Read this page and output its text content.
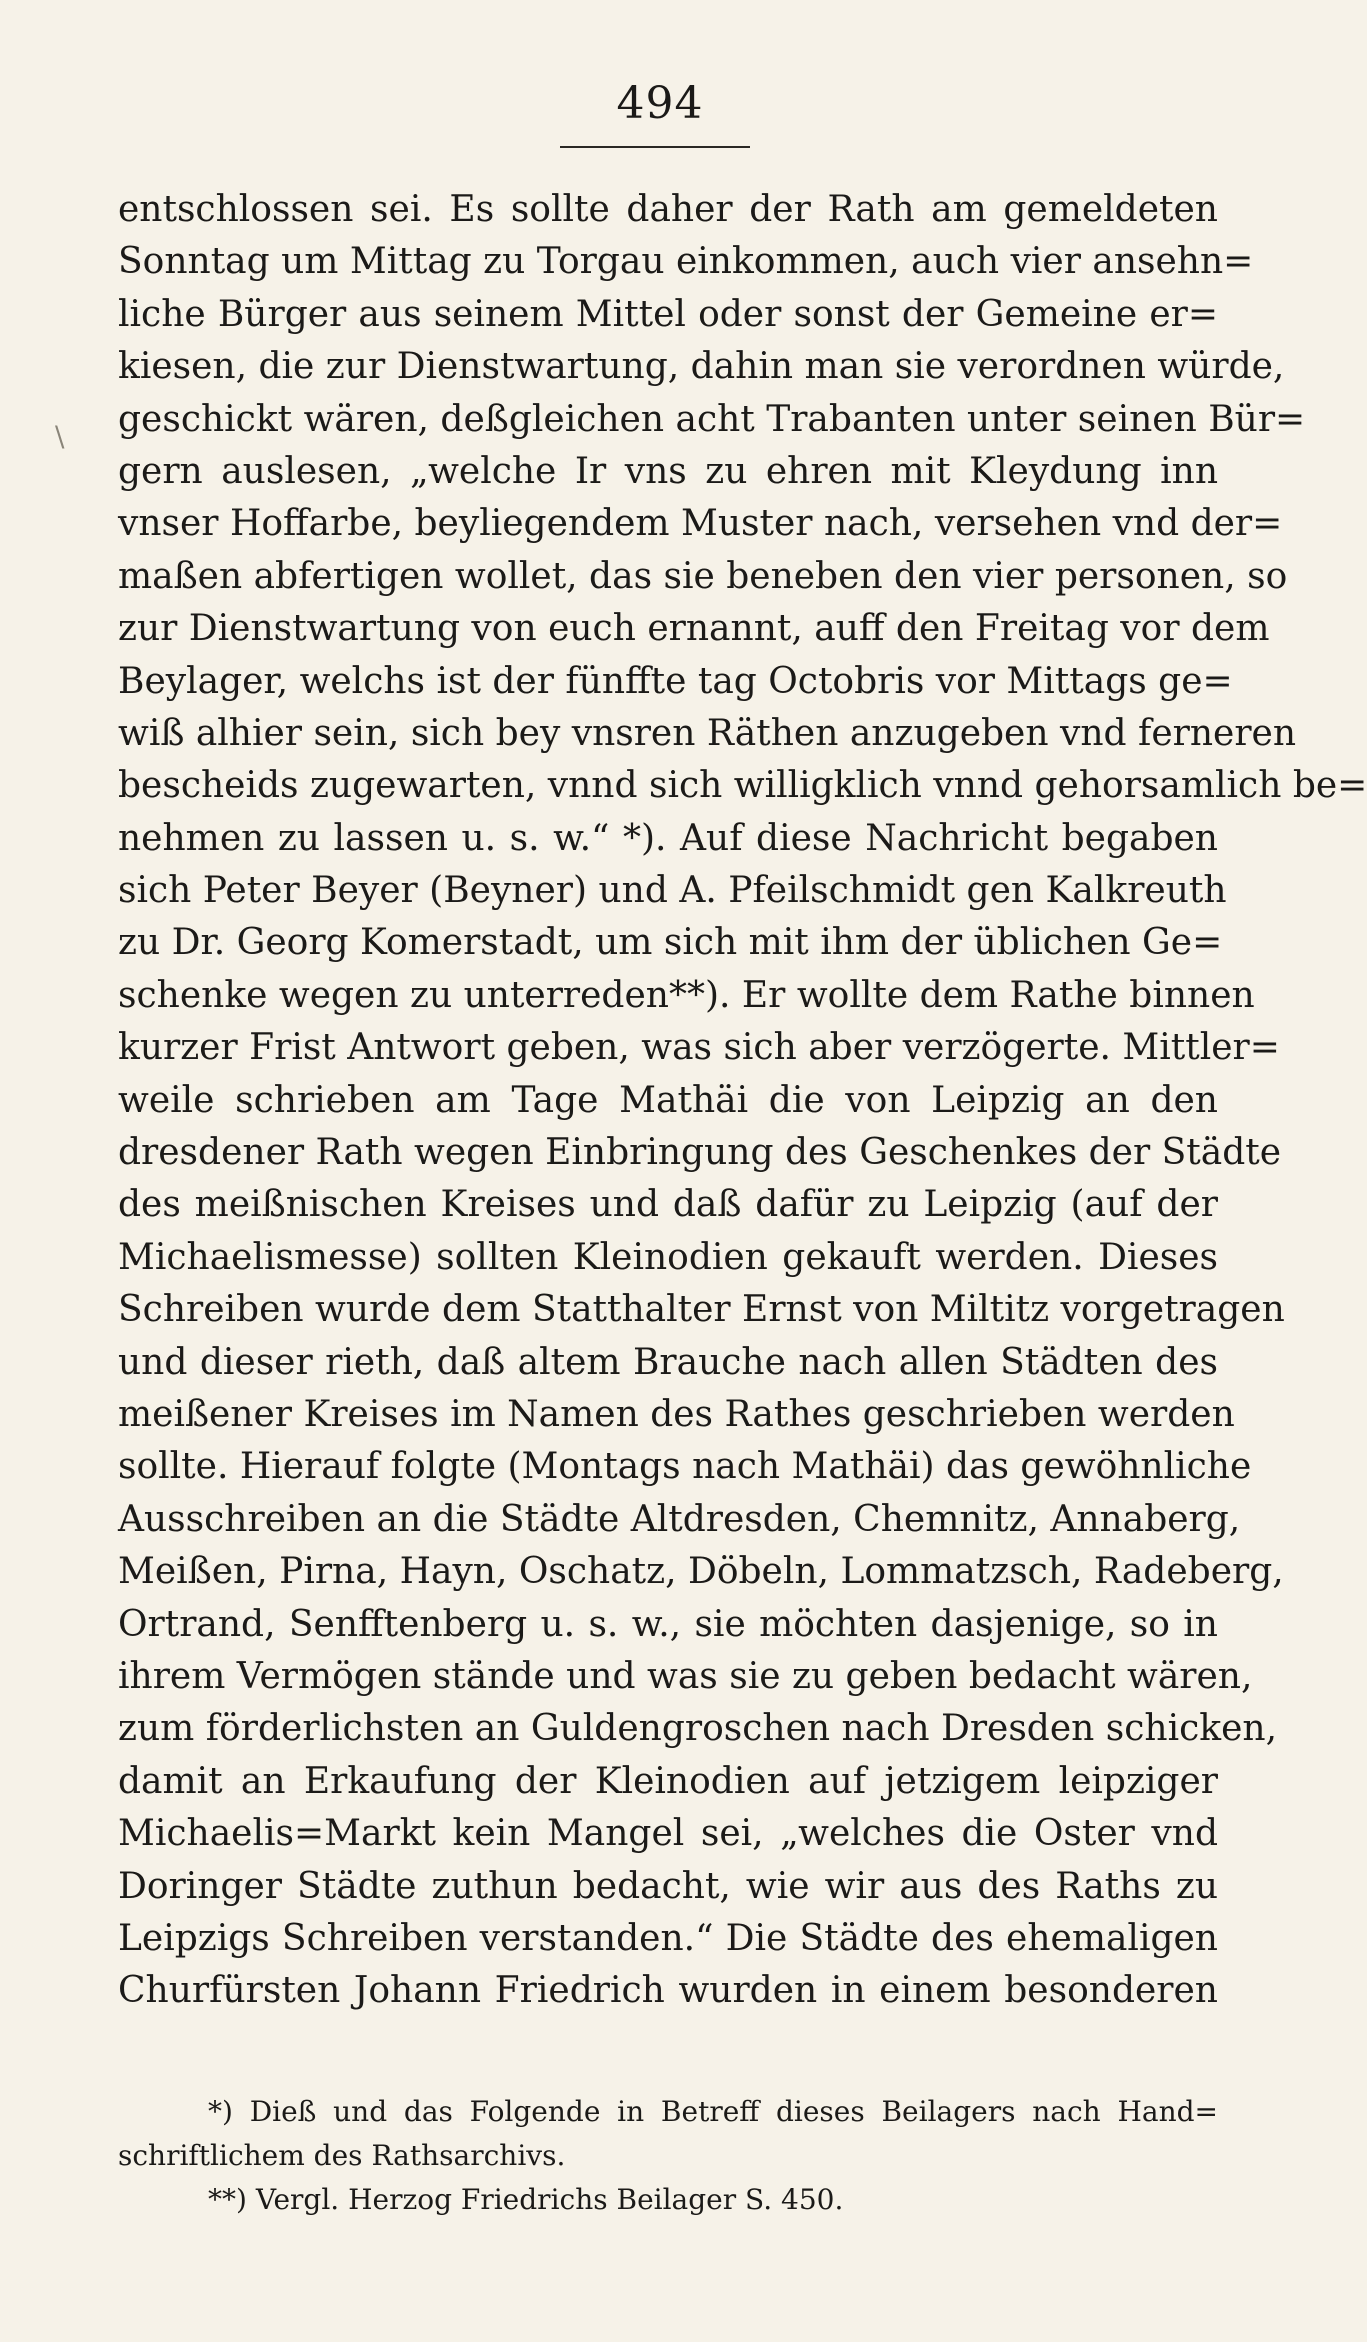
494
\
entschlossen sei. Es sollte daher der Rath am gemeldeten
Sonntag um Mittag zu Torgau einkommen, auch vier ansehn=
liche Bürger aus seinem Mittel oder sonst der Gemeine er=
kiesen, die zur Dienstwartung, dahin man sie verordnen würde,
geschickt wären, deßgleichen acht Trabanten unter seinen Bür=
gern auslesen, „welche Ir vns zu ehren mit Kleydung inn
vnser Hoffarbe, beyliegendem Muster nach, versehen vnd der=
maßen abfertigen wollet, das sie beneben den vier personen, so
zur Dienstwartung von euch ernannt, auff den Freitag vor dem
Beylager, welchs ist der fünffte tag Octobris vor Mittags ge=
wiß alhier sein, sich bey vnsren Räthen anzugeben vnd ferneren
bescheids zugewarten, vnnd sich willigklich vnnd gehorsamlich be=
nehmen zu lassen u. s. w.“ *). Auf diese Nachricht begaben
sich Peter Beyer (Beyner) und A. Pfeilschmidt gen Kalkreuth
zu Dr. Georg Komerstadt, um sich mit ihm der üblichen Ge=
schenke wegen zu unterreden**). Er wollte dem Rathe binnen
kurzer Frist Antwort geben, was sich aber verzögerte. Mittler=
weile schrieben am Tage Mathäi die von Leipzig an den
dresdener Rath wegen Einbringung des Geschenkes der Städte
des meißnischen Kreises und daß dafür zu Leipzig (auf der
Michaelismesse) sollten Kleinodien gekauft werden. Dieses
Schreiben wurde dem Statthalter Ernst von Miltitz vorgetragen
und dieser rieth, daß altem Brauche nach allen Städten des
meißener Kreises im Namen des Rathes geschrieben werden
sollte. Hierauf folgte (Montags nach Mathäi) das gewöhnliche
Ausschreiben an die Städte Altdresden, Chemnitz, Annaberg,
Meißen, Pirna, Hayn, Oschatz, Döbeln, Lommatzsch, Radeberg,
Ortrand, Senfftenberg u. s. w., sie möchten dasjenige, so in
ihrem Vermögen stände und was sie zu geben bedacht wären,
zum förderlichsten an Guldengroschen nach Dresden schicken,
damit an Erkaufung der Kleinodien auf jetzigem leipziger
Michaelis=Markt kein Mangel sei, „welches die Oster vnd
Doringer Städte zuthun bedacht, wie wir aus des Raths zu
Leipzigs Schreiben verstanden.“ Die Städte des ehemaligen
Churfürsten Johann Friedrich wurden in einem besonderen
*) Dieß und das Folgende in Betreff dieses Beilagers nach Hand=
schriftlichem des Rathsarchivs.
**) Vergl. Herzog Friedrichs Beilager S. 450.
